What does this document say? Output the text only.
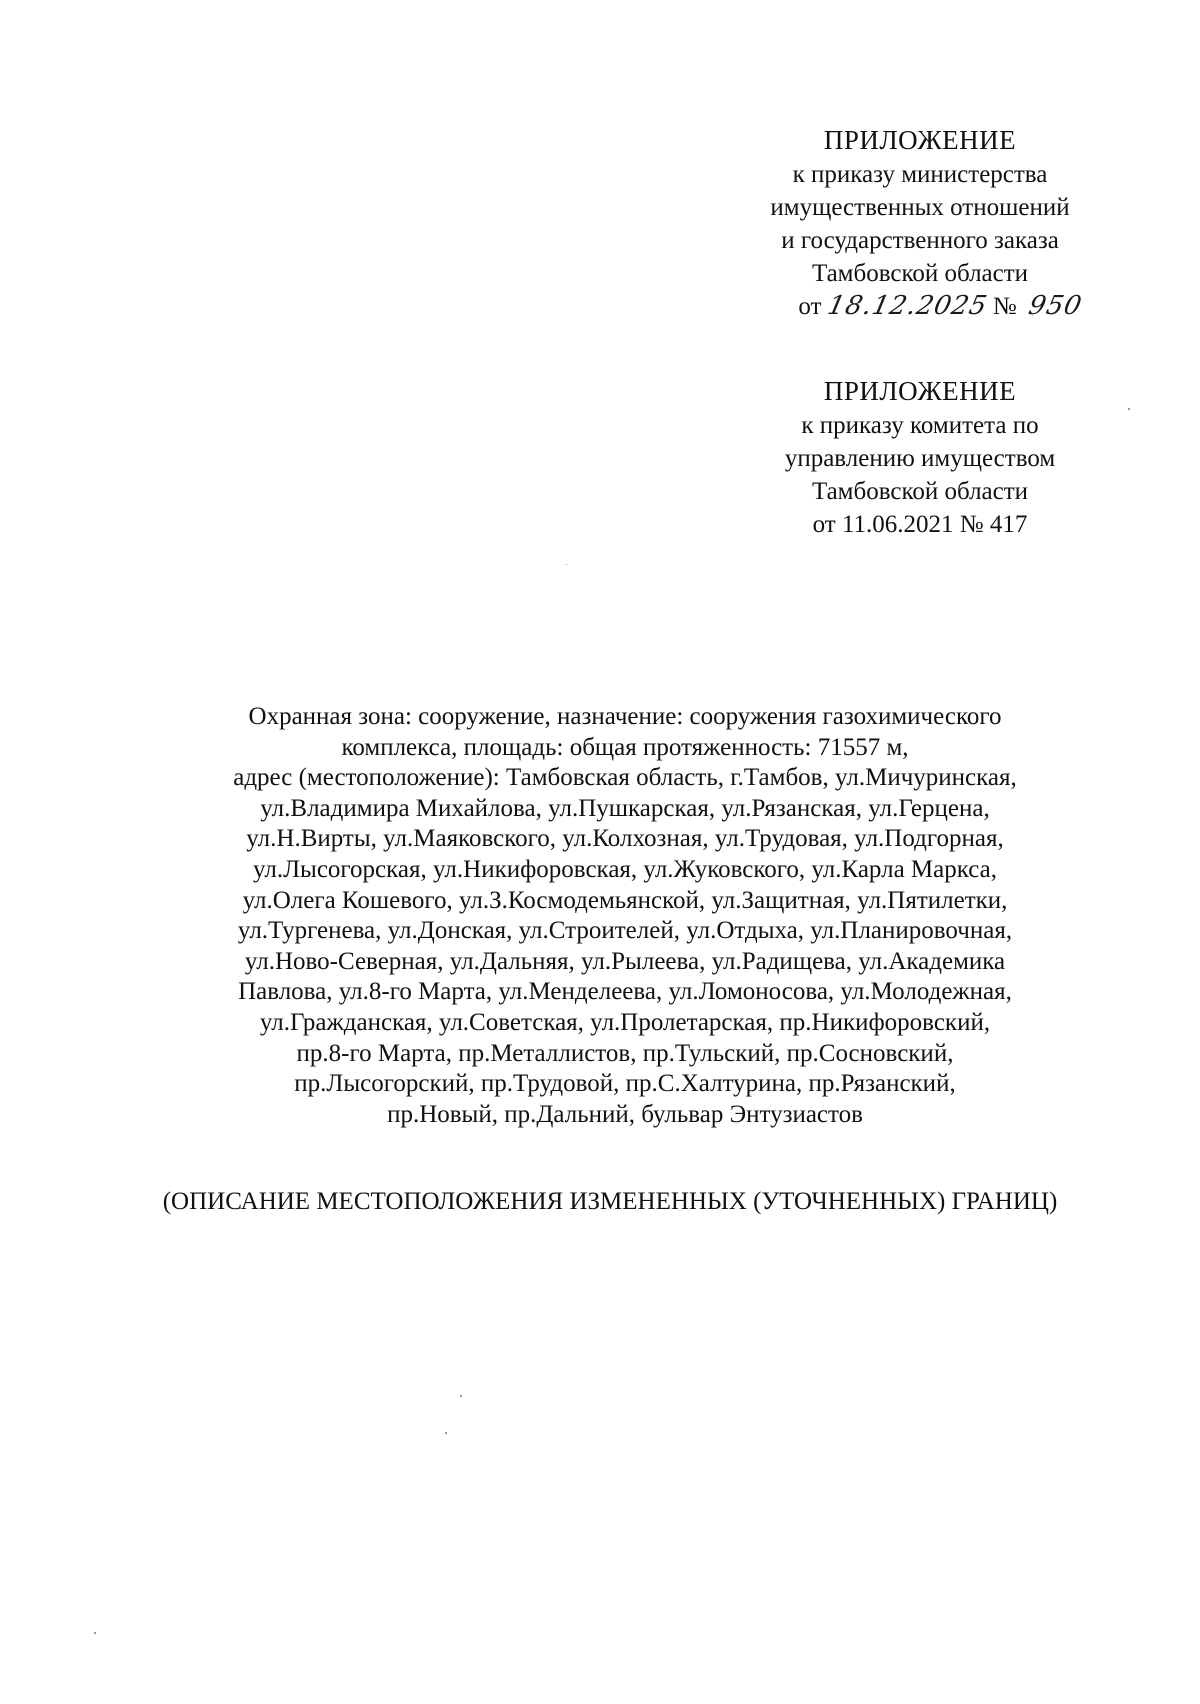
ПРИЛОЖЕНИЕ
к приказу министерства
имущественных отношений
и государственного заказа
Тамбовской области
от 18.12.2025 № 950
ПРИЛОЖЕНИЕ
к приказу комитета по
управлению имуществом
Тамбовской области
от 11.06.2021 № 417
Охранная зона: сооружение, назначение: сооружения газохимического
комплекса, площадь: общая протяженность: 71557 м,
адрес (местоположение): Тамбовская область, г.Тамбов, ул.Мичуринская,
ул.Владимира Михайлова, ул.Пушкарская, ул.Рязанская, ул.Герцена,
ул.Н.Вирты, ул.Маяковского, ул.Колхозная, ул.Трудовая, ул.Подгорная,
ул.Лысогорская, ул.Никифоровская, ул.Жуковского, ул.Карла Маркса,
ул.Олега Кошевого, ул.З.Космодемьянской, ул.Защитная, ул.Пятилетки,
ул.Тургенева, ул.Донская, ул.Строителей, ул.Отдыха, ул.Планировочная,
ул.Ново-Северная, ул.Дальняя, ул.Рылеева, ул.Радищева, ул.Академика
Павлова, ул.8-го Марта, ул.Менделеева, ул.Ломоносова, ул.Молодежная,
ул.Гражданская, ул.Советская, ул.Пролетарская, пр.Никифоровский,
пр.8-го Марта, пр.Металлистов, пр.Тульский, пр.Сосновский,
пр.Лысогорский, пр.Трудовой, пр.С.Халтурина, пр.Рязанский,
пр.Новый, пр.Дальний, бульвар Энтузиастов
(ОПИСАНИЕ МЕСТОПОЛОЖЕНИЯ ИЗМЕНЕННЫХ (УТОЧНЕННЫХ) ГРАНИЦ)
